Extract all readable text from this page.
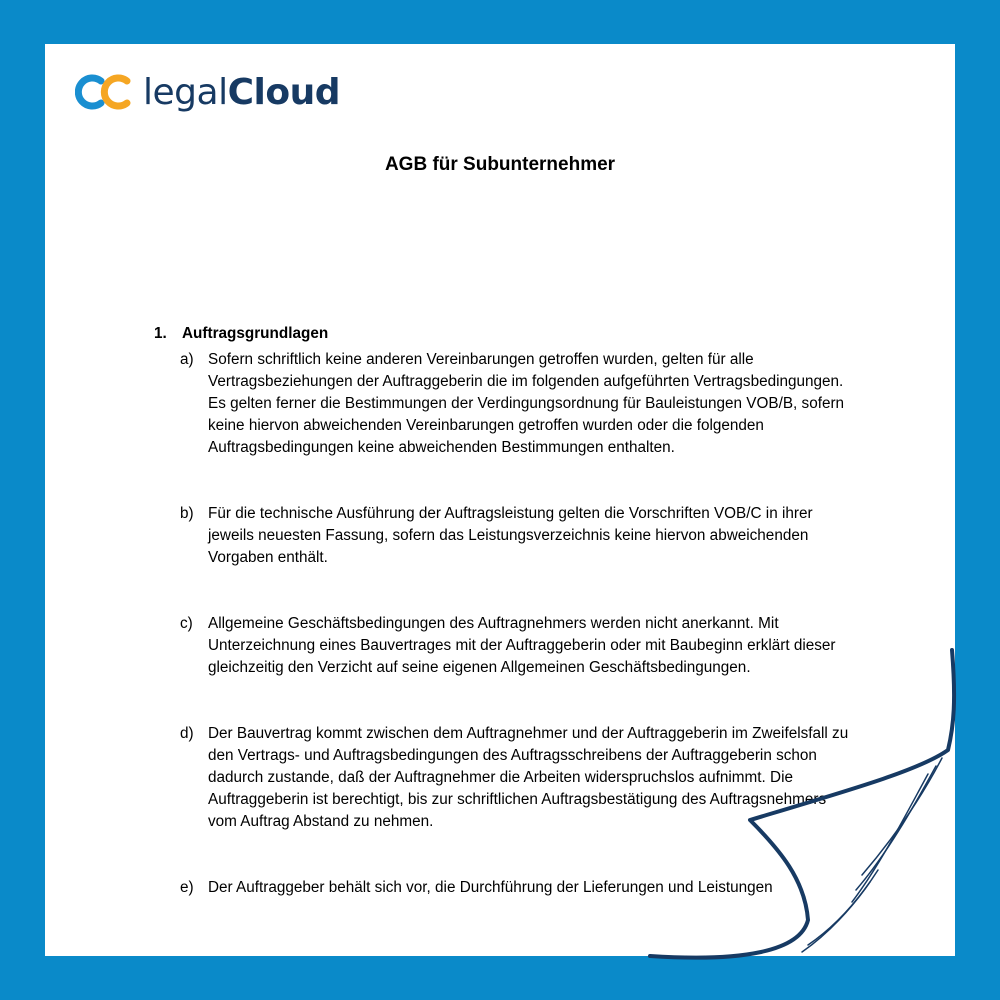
legalCloud
AGB für Subunternehmer
1. Auftragsgrundlagen
a) Sofern schriftlich keine anderen Vereinbarungen getroffen wurden, gelten für alle Vertragsbeziehungen der Auftraggeberin die im folgenden aufgeführten Vertragsbedingungen. Es gelten ferner die Bestimmungen der Verdingungsordnung für Bauleistungen VOB/B, sofern keine hiervon abweichenden Vereinbarungen getroffen wurden oder die folgenden Auftragsbedingungen keine abweichenden Bestimmungen enthalten.
b) Für die technische Ausführung der Auftragsleistung gelten die Vorschriften VOB/C in ihrer jeweils neuesten Fassung, sofern das Leistungsverzeichnis keine hiervon abweichenden Vorgaben enthält.
c) Allgemeine Geschäftsbedingungen des Auftragnehmers werden nicht anerkannt. Mit Unterzeichnung eines Bauvertrages mit der Auftraggeberin oder mit Baubeginn erklärt dieser gleichzeitig den Verzicht auf seine eigenen Allgemeinen Geschäftsbedingungen.
d) Der Bauvertrag kommt zwischen dem Auftragnehmer und der Auftraggeberin im Zweifelsfall zu den Vertrags- und Auftragsbedingungen des Auftragsschreibens der Auftraggeberin schon dadurch zustande, daß der Auftragnehmer die Arbeiten widerspruchslos aufnimmt. Die Auftraggeberin ist berechtigt, bis zur schriftlichen Auftragsbestätigung des Auftragsnehmers vom Auftrag Abstand zu nehmen.
e) Der Auftraggeber behält sich vor, die Durchführung der Lieferungen und Leistungen
